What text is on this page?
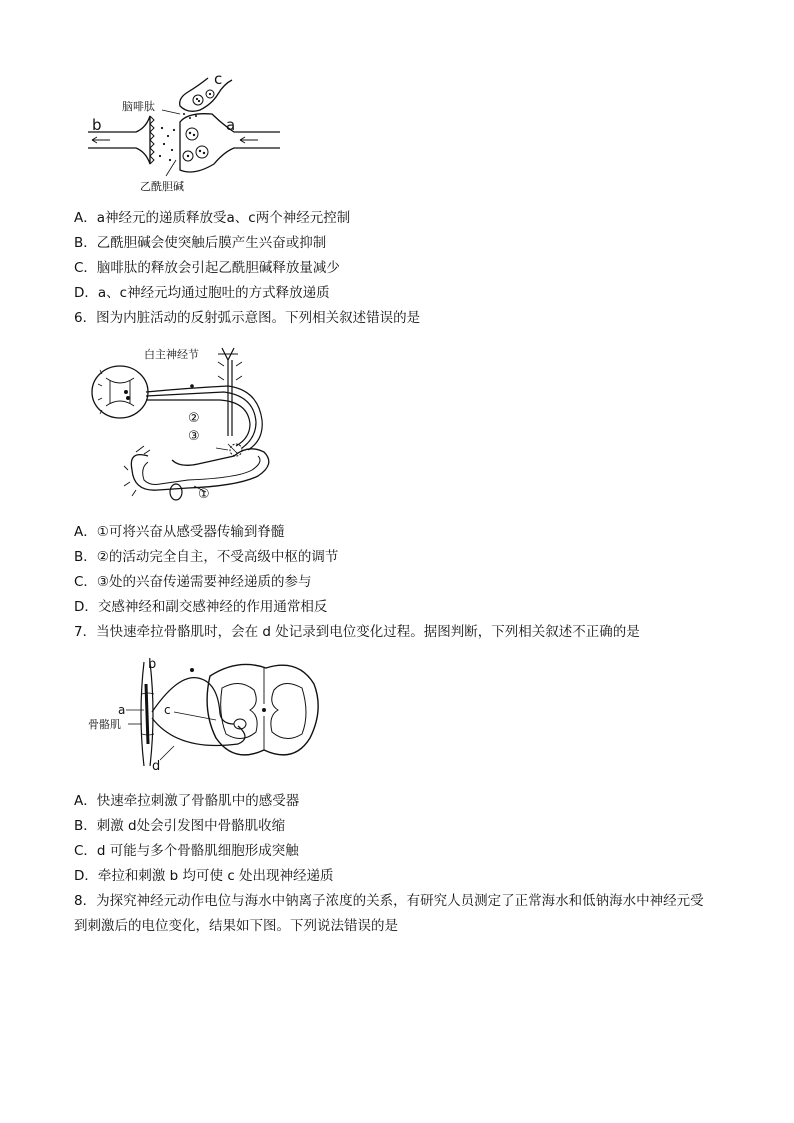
脑啡肽
乙酰胆碱
b	a
c
A．a神经元的递质释放受a、c两个神经元控制
B．乙酰胆碱会使突触后膜产生兴奋或抑制
C．脑啡肽的释放会引起乙酰胆碱释放量减少
D．a、c神经元均通过胞吐的方式释放递质
6．图为内脏活动的反射弧示意图。下列相关叙述错误的是
白主神经节
②
③
①
A．①可将兴奋从感受器传输到脊髓
B．②的活动完全自主，不受高级中枢的调节
C．③处的兴奋传递需要神经递质的参与
D．交感神经和副交感神经的作用通常相反
7．当快速牵拉骨骼肌时，会在 d 处记录到电位变化过程。据图判断，下列相关叙述不正确的是
骨骼肌
a
b
d
c
A．快速牵拉刺激了骨骼肌中的感受器
B．刺激 d处会引发图中骨骼肌收缩
C．d 可能与多个骨骼肌细胞形成突触
D．牵拉和刺激 b 均可使 c 处出现神经递质
8．为探究神经元动作电位与海水中钠离子浓度的关系，有研究人员测定了正常海水和低钠海水中神经元受
到刺激后的电位变化，结果如下图。下列说法错误的是
